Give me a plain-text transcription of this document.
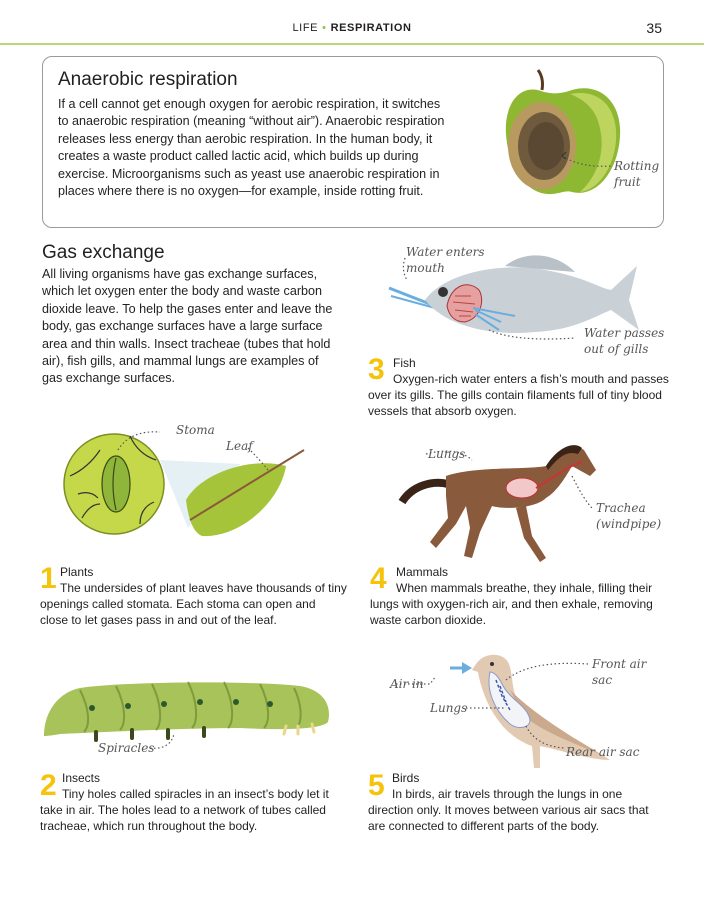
LIFE • RESPIRATION	35
Anaerobic respiration
If a cell cannot get enough oxygen for aerobic respiration, it switches
to anaerobic respiration (meaning “without air”). Anaerobic respiration
releases less energy than aerobic respiration. In the human body, it
creates a waste product called lactic acid, which builds up during
exercise. Microorganisms such as yeast use anaerobic respiration in
places where there is no oxygen—for example, inside rotting fruit.
Rotting
fruit
Gas exchange
All living organisms have gas exchange surfaces,
which let oxygen enter the body and waste carbon
dioxide leave. To help the gases enter and leave the
body, gas exchange surfaces have a large surface
area and thin walls. Insect tracheae (tubes that hold
air), fish gills, and mammal lungs are examples of
gas exchange surfaces.
Water enters
mouth
Water passes
out of gills
3 Fish
Oxygen-rich water enters a fish’s mouth and passes
over its gills. The gills contain filaments full of tiny blood
vessels that absorb oxygen.
Stoma
Leaf
1 Plants
The undersides of plant leaves have thousands of tiny
openings called stomata. Each stoma can open and
close to let gases pass in and out of the leaf.
Lungs
Trachea
(windpipe)
4 Mammals
When mammals breathe, they inhale, filling their
lungs with oxygen-rich air, and then exhale, removing
waste carbon dioxide.
Spiracles
2 Insects
Tiny holes called spiracles in an insect’s body let it
take in air. The holes lead to a network of tubes called
tracheae, which run throughout the body.
Front air
sac
Air in
Lungs
Rear air sac
5 Birds
In birds, air travels through the lungs in one
direction only. It moves between various air sacs that
are connected to different parts of the body.
